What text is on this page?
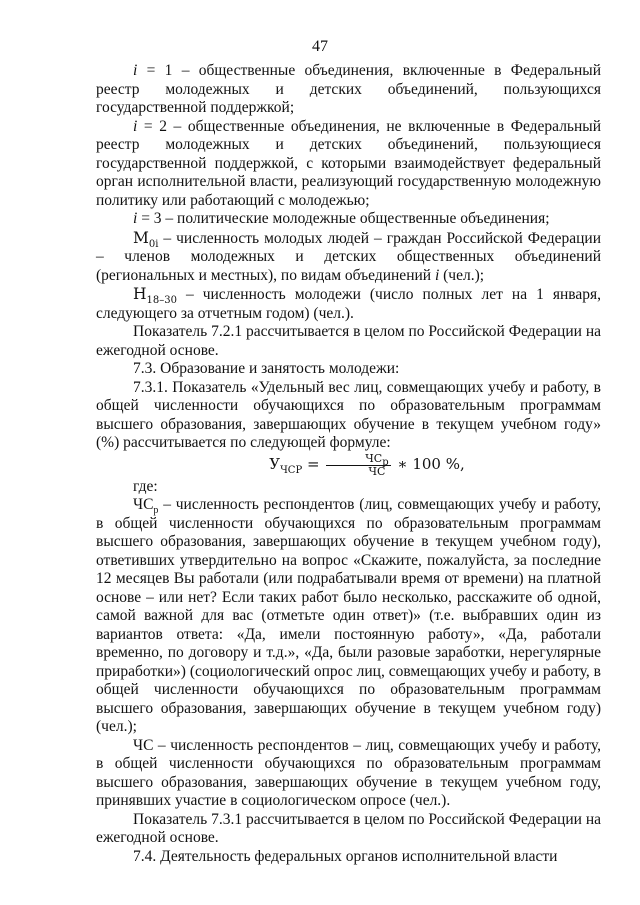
47

i = 1 – общественные объединения, включенные в Федеральный реестр молодежных и детских объединений, пользующихся государственной поддержкой;

i = 2 – общественные объединения, не включенные в Федеральный реестр молодежных и детских объединений, пользующиеся государственной поддержкой, с которыми взаимодействует федеральный орган исполнительной власти, реализующий государственную молодежную политику или работающий с молодежью;

i = 3 – политические молодежные общественные объединения;

$М_{0i}$ – численность молодых людей – граждан Российской Федерации – членов молодежных и детских общественных объединений (региональных и местных), по видам объединений i (чел.);

$Н_{18-30}$ – численность молодежи (число полных лет на 1 января, следующего за отчетным годом) (чел.).

Показатель 7.2.1 рассчитывается в целом по Российской Федерации на ежегодной основе.

7.3. Образование и занятость молодежи:

7.3.1. Показатель «Удельный вес лиц, совмещающих учебу и работу, в общей численности обучающихся по образовательным программам высшего образования, завершающих обучение в текущем учебном году» (%) рассчитывается по следующей формуле:

$У_{ЧСР} = \frac{ЧС_р}{ЧС}$ ∗ 100 %,

где:

$ЧС_р$ – численность респондентов (лиц, совмещающих учебу и работу, в общей численности обучающихся по образовательным программам высшего образования, завершающих обучение в текущем учебном году), ответивших утвердительно на вопрос «Скажите, пожалуйста, за последние 12 месяцев Вы работали (или подрабатывали время от времени) на платной основе – или нет? Если таких работ было несколько, расскажите об одной, самой важной для вас (отметьте один ответ)» (т.е. выбравших один из вариантов ответа: «Да, имели постоянную работу», «Да, работали временно, по договору и т.д.», «Да, были разовые заработки, нерегулярные приработки») (социологический опрос лиц, совмещающих учебу и работу, в общей численности обучающихся по образовательным программам высшего образования, завершающих обучение в текущем учебном году) (чел.);

ЧС – численность респондентов – лиц, совмещающих учебу и работу, в общей численности обучающихся по образовательным программам высшего образования, завершающих обучение в текущем учебном году, принявших участие в социологическом опросе (чел.).

Показатель 7.3.1 рассчитывается в целом по Российской Федерации на ежегодной основе.

7.4. Деятельность федеральных органов исполнительной власти
